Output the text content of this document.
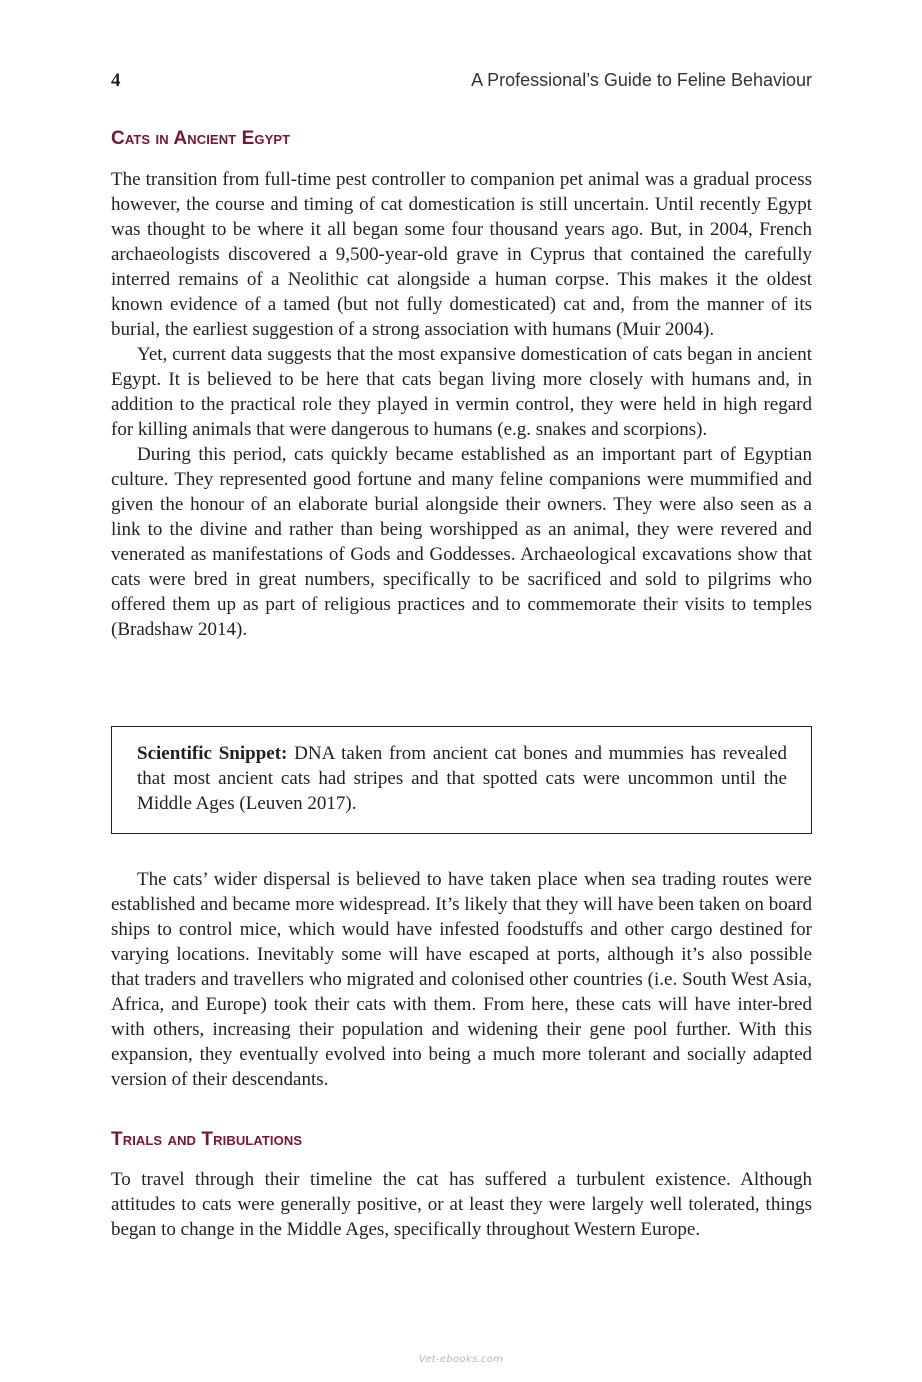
4	A Professional’s Guide to Feline Behaviour
Cats in Ancient Egypt

The transition from full-time pest controller to companion pet animal was a gradual process however, the course and timing of cat domestication is still uncertain. Until recently Egypt was thought to be where it all began some four thousand years ago. But, in 2004, French archaeologists discovered a 9,500-year-old grave in Cyprus that contained the carefully interred remains of a Neolithic cat alongside a human corpse. This makes it the oldest known evidence of a tamed (but not fully domesticated) cat and, from the manner of its burial, the earliest suggestion of a strong association with humans (Muir 2004).

Yet, current data suggests that the most expansive domestication of cats began in ancient Egypt. It is believed to be here that cats began living more closely with humans and, in addition to the practical role they played in vermin control, they were held in high regard for killing animals that were dangerous to humans (e.g. snakes and scorpions).

During this period, cats quickly became established as an important part of Egyptian culture. They represented good fortune and many feline companions were mummified and given the honour of an elaborate burial alongside their owners. They were also seen as a link to the divine and rather than being worshipped as an animal, they were revered and venerated as manifestations of Gods and Goddesses. Archaeological excavations show that cats were bred in great numbers, specifically to be sacrificed and sold to pilgrims who offered them up as part of religious practices and to commemorate their visits to temples (Bradshaw 2014).

Scientific Snippet: DNA taken from ancient cat bones and mummies has revealed that most ancient cats had stripes and that spotted cats were uncommon until the Middle Ages (Leuven 2017).

The cats’ wider dispersal is believed to have taken place when sea trading routes were established and became more widespread. It’s likely that they will have been taken on board ships to control mice, which would have infested foodstuffs and other cargo destined for varying locations. Inevitably some will have escaped at ports, although it’s also possible that traders and travellers who migrated and colonised other countries (i.e. South West Asia, Africa, and Europe) took their cats with them. From here, these cats will have inter-bred with others, increasing their population and widening their gene pool further. With this expansion, they eventually evolved into being a much more tolerant and socially adapted version of their descendants.

Trials and Tribulations

To travel through their timeline the cat has suffered a turbulent existence. Although attitudes to cats were generally positive, or at least they were largely well tolerated, things began to change in the Middle Ages, specifically throughout Western Europe.

Vet-ebooks.com
